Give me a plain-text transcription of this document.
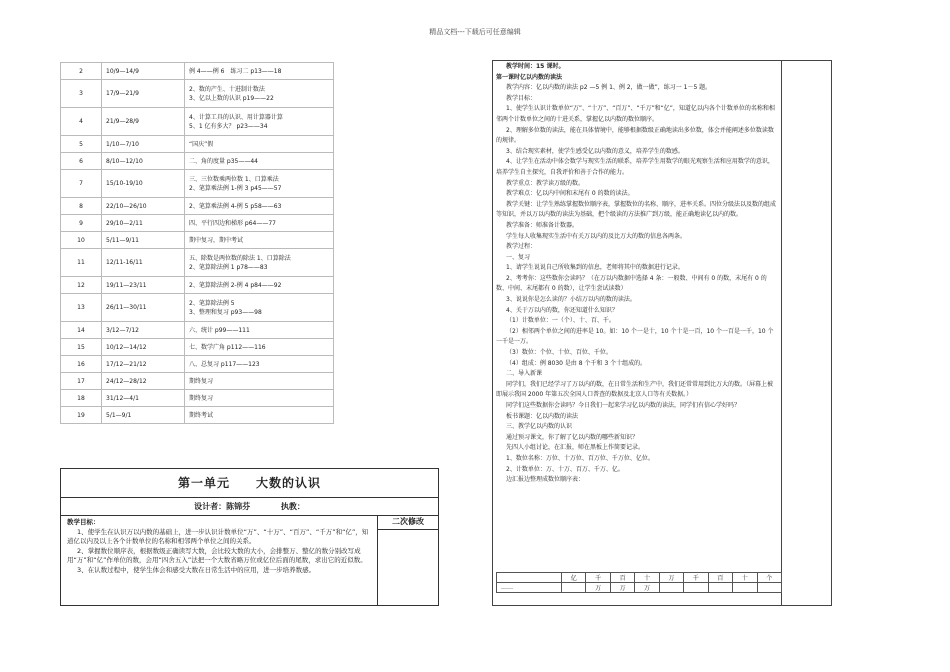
精品文档---下载后可任意编辑
2	10/9—14/9	例 4——例 6　练习二 p13——18

3	17/9—21/9	2、数的产生、十进制计数法
3、亿以上数的认识 p19——22

4	21/9—28/9	4、计算工具的认识、用计算器计算
5、1 亿有多大？ p23——34

5	1/10—7/10	“国庆”假

6	8/10—12/10	二、角的度量 p35——44

7	15/10-19/10	三、三位数乘两位数 1、口算乘法
2、笔算乘法例 1-例 3 p45——57

8	22/10—26/10	2、笔算乘法例 4-例 5 p58——63

9	29/10—2/11	四、平行四边和梯形 p64——77

10	5/11—9/11	期中复习，期中考试

11	12/11-16/11	五、除数是两位数的除法 1、口算除法
2、笔算除法例 1 p78——83

12	19/11—23/11	2、笔算除法例 2-例 4 p84——92

13	26/11—30/11	2、笔算除法例 5
3、整理和复习 p93——98

14	3/12—7/12	六、统计 p99——111

15	10/12—14/12	七、数学广角 p112——116

16	17/12—21/12	八、总复习 p117——123

17	24/12—28/12	期终复习

18	31/12—4/1	期终复习

19	5/1—9/1	期终考试
第一单元　　大数的认识
设计者：陈锦芬	执教：

教学目标：

1、使学生在认识万以内数的基础上，进一步认识计数单位“万”、“十万”、“百万”、“千万”和“亿”，知道亿以内及以上各个计数单位的名称和相邻两个单位之间的关系。

2、掌握数位顺序表，根据数级正确读写大数，会比较大数的大小，会排整万、整亿的数分别改写成用“万”和“亿”作单位的数，会用“四舍五入”法把一个大数省略万位或亿位后面的尾数，求出它的近似数。

3、在认数过程中，使学生体会和感受大数在日常生活中的应用，进一步培养数感。

二次修改

教学时间：15 课时。

第一课时亿以内数的读法

教学内容：亿以内数的读法 p2 —5 例 1、例 2，做一做”，练习一 1－5 题。

教学目标：

1、使学生认识计数单位“万”、“十万”、“百万”、“千万”和“亿”，知道亿以内各个计数单位的名称和相邻两个计数单位之间的十进关系，掌握亿以内数的数位顺序。

2、理解多位数的读法，能在具体情境中，能够根据数级正确地读出多位数，体会并能阐述多位数读数的规律。

3、结合现实素材，使学生感受亿以内数的意义，培养学生的数感。

4、让学生在活动中体会数学与现实生活的联系，培养学生用数学的眼光观察生活和应用数学的意识，培养学生自主探究，自我评价和善于合作的能力。

教学重点：教学读万级的数。

教学难点：亿以内中间和末尾有 0 的数的读法。

教学关键：让学生熟练掌握数位顺序表，掌握数位的名称、顺序，进率关系。四位分级法以及数的组成等知识，并以万以内数的读法为基础，把个级读的方法推广到万级，能正确地读亿以内的数。

教学准备：师准备计数器。

学生每人收集现实生活中有关万以内的及比万大的数的信息各两条。

教学过程：

一、复习

1、请学生说说自己所收集到的信息，老师将其中的数据进行记录。

2、考考你：这些数你会读吗？（在万以内数据中选择 4 条：一般数、中间有 0 的数，末尾有 0 的数、中间、末尾都有 0 的数），让学生尝试读数）

3、说说你是怎么读的？小结万以内的数的读法。

4、关于万以内的数，你还知道什么知识？

（1）计数单位：一（个）、十、百、千。

（2）相邻两个单位之间的进率是 10。如：10 个一是十，10 个十是一百，10 个一百是一千，10 个一千是一万。

（3）数位：个位、十位、百位、千位。

（4）组成：例 8030 是由 8 个千和 3 个十组成的。

二、导入新课

同学们，我们已经学习了万以内的数，在日常生活和生产中，我们还常常用到比万大的数。（屏幕上被即展示我国 2000 年第五次全国人口普查的数据及北京人口等有关数据。）

同学们这些数据你会读吗？今日我们一起来学习亿以内数的读法，同学们有信心学好吗？

板书课题：亿以内数的读法

三、教学亿以内数的认识

通过预习课文，你了解了亿以内数的哪些新知识？

先四人小组讨论，在汇报，师在黑板上作简要记录。

1、数位名称：万位、十万位、百万位、千万位、亿位。

2、计数单位：万、十万、百万、千万、亿。

边汇报边整理成数位顺序表：

	亿	千	百	十	万	千	百	十	个
……		万	万	万					
